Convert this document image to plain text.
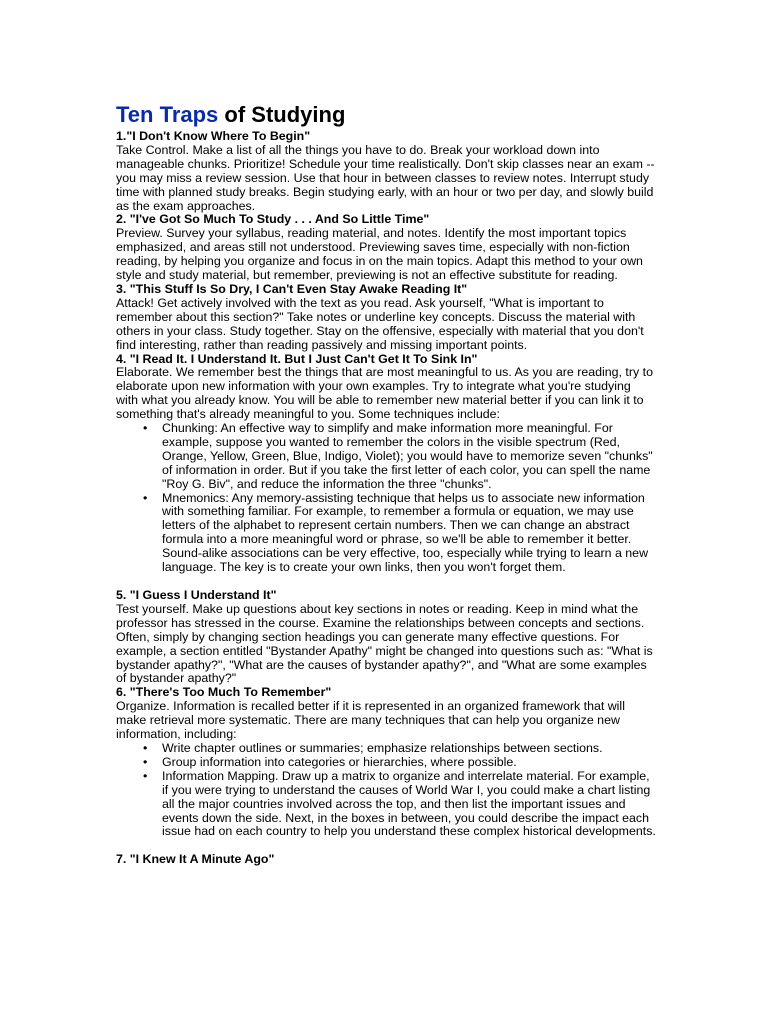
Ten Traps of Studying

1."I Don't Know Where To Begin"

Take Control. Make a list of all the things you have to do. Break your workload down into manageable chunks. Prioritize! Schedule your time realistically. Don't skip classes near an exam -- you may miss a review session. Use that hour in between classes to review notes. Interrupt study time with planned study breaks. Begin studying early, with an hour or two per day, and slowly build as the exam approaches.

2. "I've Got So Much To Study . . . And So Little Time"

Preview. Survey your syllabus, reading material, and notes. Identify the most important topics emphasized, and areas still not understood. Previewing saves time, especially with non-fiction reading, by helping you organize and focus in on the main topics. Adapt this method to your own style and study material, but remember, previewing is not an effective substitute for reading.

3. "This Stuff Is So Dry, I Can't Even Stay Awake Reading It"

Attack! Get actively involved with the text as you read. Ask yourself, "What is important to remember about this section?" Take notes or underline key concepts. Discuss the material with others in your class. Study together. Stay on the offensive, especially with material that you don't find interesting, rather than reading passively and missing important points.

4. "I Read It. I Understand It. But I Just Can't Get It To Sink In"

Elaborate. We remember best the things that are most meaningful to us. As you are reading, try to elaborate upon new information with your own examples. Try to integrate what you're studying with what you already know. You will be able to remember new material better if you can link it to something that's already meaningful to you. Some techniques include:

• Chunking: An effective way to simplify and make information more meaningful. For example, suppose you wanted to remember the colors in the visible spectrum (Red, Orange, Yellow, Green, Blue, Indigo, Violet); you would have to memorize seven "chunks" of information in order. But if you take the first letter of each color, you can spell the name "Roy G. Biv", and reduce the information the three "chunks".
• Mnemonics: Any memory-assisting technique that helps us to associate new information with something familiar. For example, to remember a formula or equation, we may use letters of the alphabet to represent certain numbers. Then we can change an abstract formula into a more meaningful word or phrase, so we'll be able to remember it better. Sound-alike associations can be very effective, too, especially while trying to learn a new language. The key is to create your own links, then you won't forget them.

5. "I Guess I Understand It"

Test yourself. Make up questions about key sections in notes or reading. Keep in mind what the professor has stressed in the course. Examine the relationships between concepts and sections. Often, simply by changing section headings you can generate many effective questions. For example, a section entitled "Bystander Apathy" might be changed into questions such as: "What is bystander apathy?", "What are the causes of bystander apathy?", and "What are some examples of bystander apathy?"

6. "There's Too Much To Remember"

Organize. Information is recalled better if it is represented in an organized framework that will make retrieval more systematic. There are many techniques that can help you organize new information, including:

• Write chapter outlines or summaries; emphasize relationships between sections.
• Group information into categories or hierarchies, where possible.
• Information Mapping. Draw up a matrix to organize and interrelate material. For example, if you were trying to understand the causes of World War I, you could make a chart listing all the major countries involved across the top, and then list the important issues and events down the side. Next, in the boxes in between, you could describe the impact each issue had on each country to help you understand these complex historical developments.

7. "I Knew It A Minute Ago"
